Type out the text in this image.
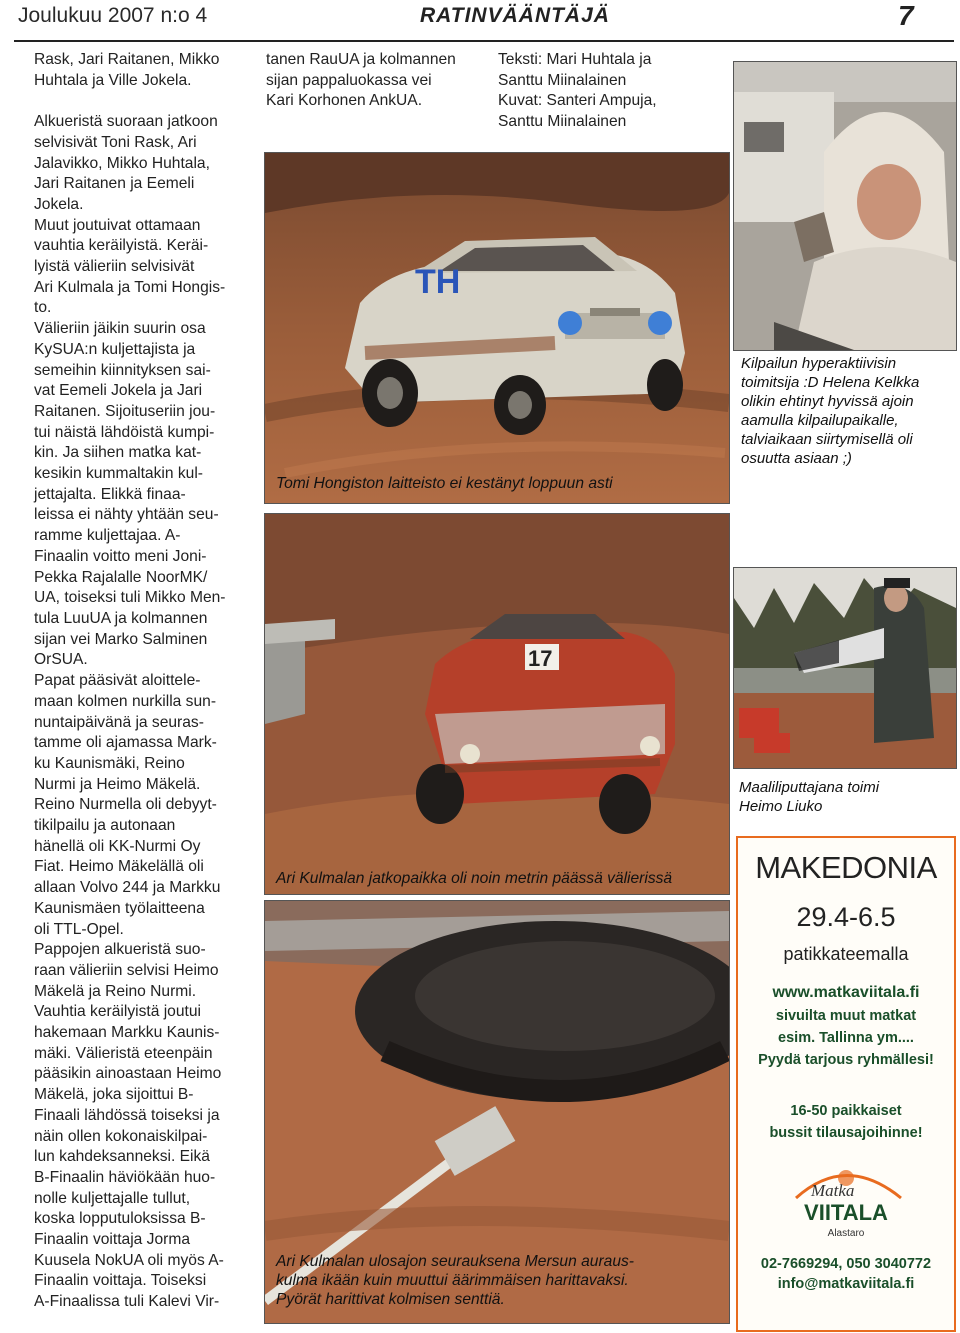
Joulukuu 2007 n:o 4	RATINVÄÄNTÄJÄ	7
Rask, Jari Raitanen, Mikko
Huhtala ja Ville Jokela.

Alkueristä suoraan jatkoon
selvisivät Toni Rask, Ari
Jalavikko, Mikko Huhtala,
Jari Raitanen ja Eemeli
Jokela.
Muut joutuivat ottamaan
vauhtia keräilyistä. Keräi-
lyistä välieriin selvisivät
Ari Kulmala ja Tomi Hongis-
to.
Välieriin jäikin suurin osa
KySUA:n kuljettajista ja
semeihin kiinnityksen sai-
vat Eemeli Jokela ja Jari
Raitanen. Sijoituseriin jou-
tui näistä lähdöistä kumpi-
kin. Ja siihen matka kat-
kesikin kummaltakin kul-
jettajalta. Elikkä finaa-
leissa ei nähty yhtään seu-
ramme kuljettajaa. A-
Finaalin voitto meni Joni-
Pekka Rajalalle NoorMK/
UA, toiseksi tuli Mikko Men-
tula LuuUA ja kolmannen
sijan vei Marko Salminen
OrSUA.
Papat pääsivät aloittele-
maan kolmen nurkilla sun-
nuntaipäivänä ja seuras-
tamme oli ajamassa Mark-
ku Kaunismäki, Reino
Nurmi ja Heimo Mäkelä.
Reino Nurmella oli debyyt-
tikilpailu ja autonaan
hänellä oli KK-Nurmi Oy
Fiat. Heimo Mäkelällä oli
allaan Volvo 244 ja Markku
Kaunismäen työlaitteena
oli TTL-Opel.
Pappojen alkueristä suo-
raan välieriin selvisi Heimo
Mäkelä ja Reino Nurmi.
Vauhtia keräilyistä joutui
hakemaan Markku Kaunis-
mäki. Välieristä eteenpäin
pääsikin ainoastaan Heimo
Mäkelä, joka sijoittui B-
Finaali lähdössä toiseksi ja
näin ollen kokonaiskilpai-
lun kahdeksanneksi. Eikä
B-Finaalin häviökään huo-
nolle kuljettajalle tullut,
koska lopputuloksissa B-
Finaalin voittaja Jorma
Kuusela NokUA oli myös A-
Finaalin voittaja. Toiseksi
A-Finaalissa tuli Kalevi Vir-
tanen RauUA ja kolmannen
sijan pappaluokassa vei
Kari Korhonen AnkUA.
Teksti: Mari Huhtala ja
Santtu Miinalainen
Kuvat: Santeri Ampuja,
Santtu Miinalainen
TH
Tomi Hongiston laitteisto ei kestänyt loppuun asti
17
Ari Kulmalan jatkopaikka oli noin metrin päässä välierissä
Ari Kulmalan ulosajon seurauksena Mersun auraus-
kulma ikään kuin muuttui äärimmäisen harittavaksi.
Pyörät harittivat kolmisen senttiä.
Kilpailun hyperaktiivisin
toimitsija :D Helena Kelkka
olikin ehtinyt hyvissä ajoin
aamulla kilpailupaikalle,
talviaikaan siirtymisellä oli
osuutta asiaan ;)
Maaliliputtajana toimi
Heimo Liuko
MAKEDONIA
29.4-6.5
patikkateemalla
www.matkaviitala.fi
sivuilta muut matkat
esim. Tallinna ym....
Pyydä tarjous ryhmällesi!
16-50 paikkaiset
bussit tilausajoihinne!
Matka
VIITALA
Alastaro
02-7669294, 050 3040772
info@matkaviitala.fi
